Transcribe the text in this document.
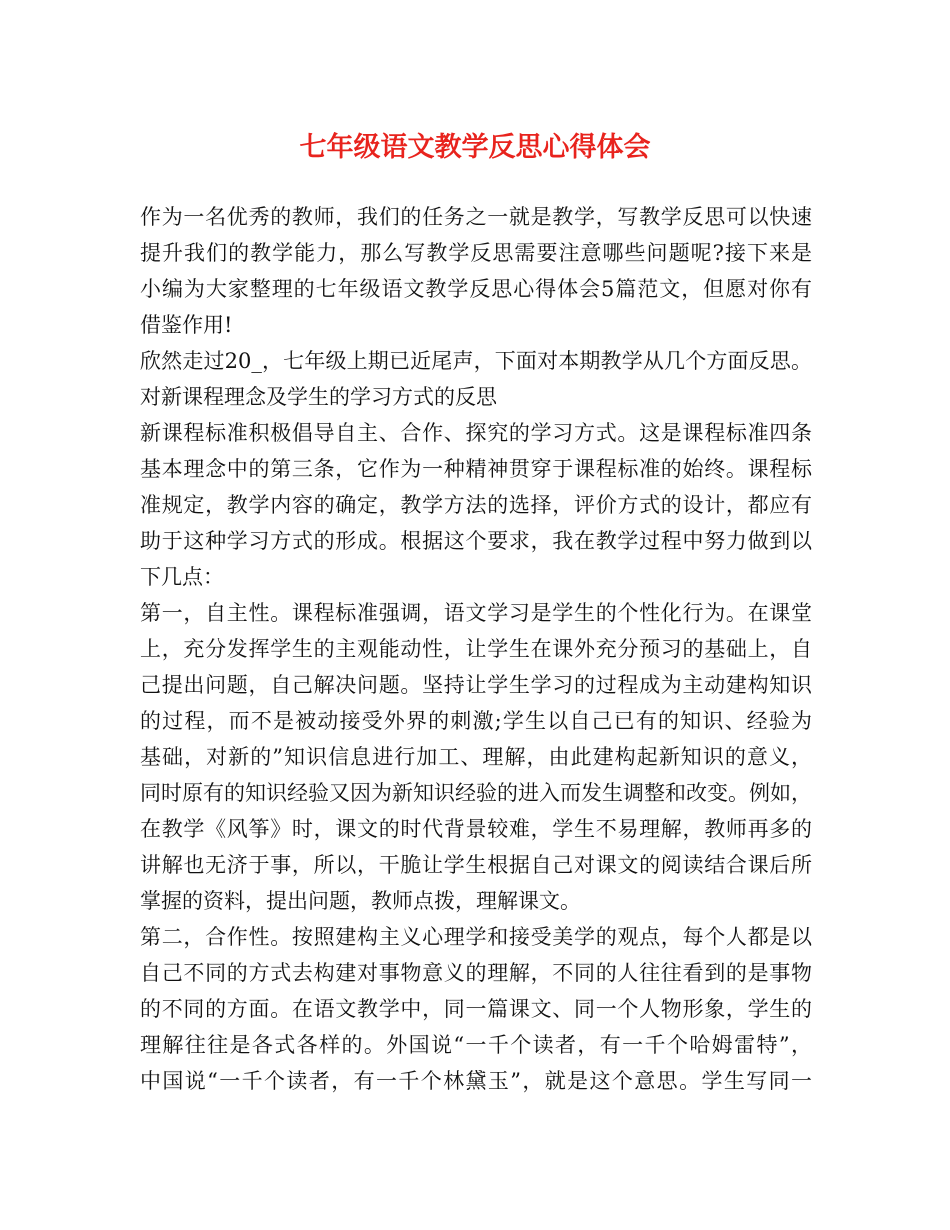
七年级语文教学反思心得体会
作为一名优秀的教师，我们的任务之一就是教学，写教学反思可以快速
提升我们的教学能力，那么写教学反思需要注意哪些问题呢?接下来是
小编为大家整理的七年级语文教学反思心得体会5篇范文，但愿对你有
借鉴作用!
欣然走过20_，七年级上期已近尾声，下面对本期教学从几个方面反思。
对新课程理念及学生的学习方式的反思
新课程标准积极倡导自主、合作、探究的学习方式。这是课程标准四条
基本理念中的第三条，它作为一种精神贯穿于课程标准的始终。课程标
准规定，教学内容的确定，教学方法的选择，评价方式的设计，都应有
助于这种学习方式的形成。根据这个要求，我在教学过程中努力做到以
下几点：
第一，自主性。课程标准强调，语文学习是学生的个性化行为。在课堂
上，充分发挥学生的主观能动性，让学生在课外充分预习的基础上，自
己提出问题，自己解决问题。坚持让学生学习的过程成为主动建构知识
的过程，而不是被动接受外界的刺激;学生以自己已有的知识、经验为
基础，对新的”知识信息进行加工、理解，由此建构起新知识的意义，
同时原有的知识经验又因为新知识经验的进入而发生调整和改变。例如，
在教学《风筝》时，课文的时代背景较难，学生不易理解，教师再多的
讲解也无济于事，所以，干脆让学生根据自己对课文的阅读结合课后所
掌握的资料，提出问题，教师点拨，理解课文。
第二，合作性。按照建构主义心理学和接受美学的观点，每个人都是以
自己不同的方式去构建对事物意义的理解，不同的人往往看到的是事物
的不同的方面。在语文教学中，同一篇课文、同一个人物形象，学生的
理解往往是各式各样的。外国说“一千个读者，有一千个哈姆雷特”，
中国说“一千个读者，有一千个林黛玉”，就是这个意思。学生写同一
